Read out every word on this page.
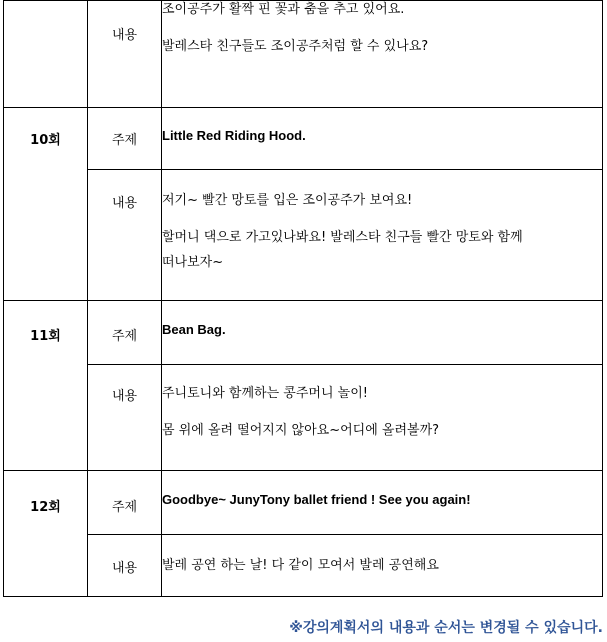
	내용	조이공주가 활짝 핀 꽃과 춤을 추고 있어요.
발레스타 친구들도 조이공주처럼 할 수 있나요?

10회	주제	Little Red Riding Hood.

	내용	저기~ 빨간 망토를 입은 조이공주가 보여요!
할머니 댁으로 가고있나봐요! 발레스타 친구들 빨간 망토와 함께
떠나보자~

11회	주제	Bean Bag.

	내용	주니토니와 함께하는 콩주머니 놀이!
몸 위에 올려 떨어지지 않아요~어디에 올려볼까?

12회	주제	Goodbye~ JunyTony ballet friend ! See you again!

	내용	발레 공연 하는 날! 다 같이 모여서 발레 공연해요
※강의계획서의 내용과 순서는 변경될 수 있습니다.
